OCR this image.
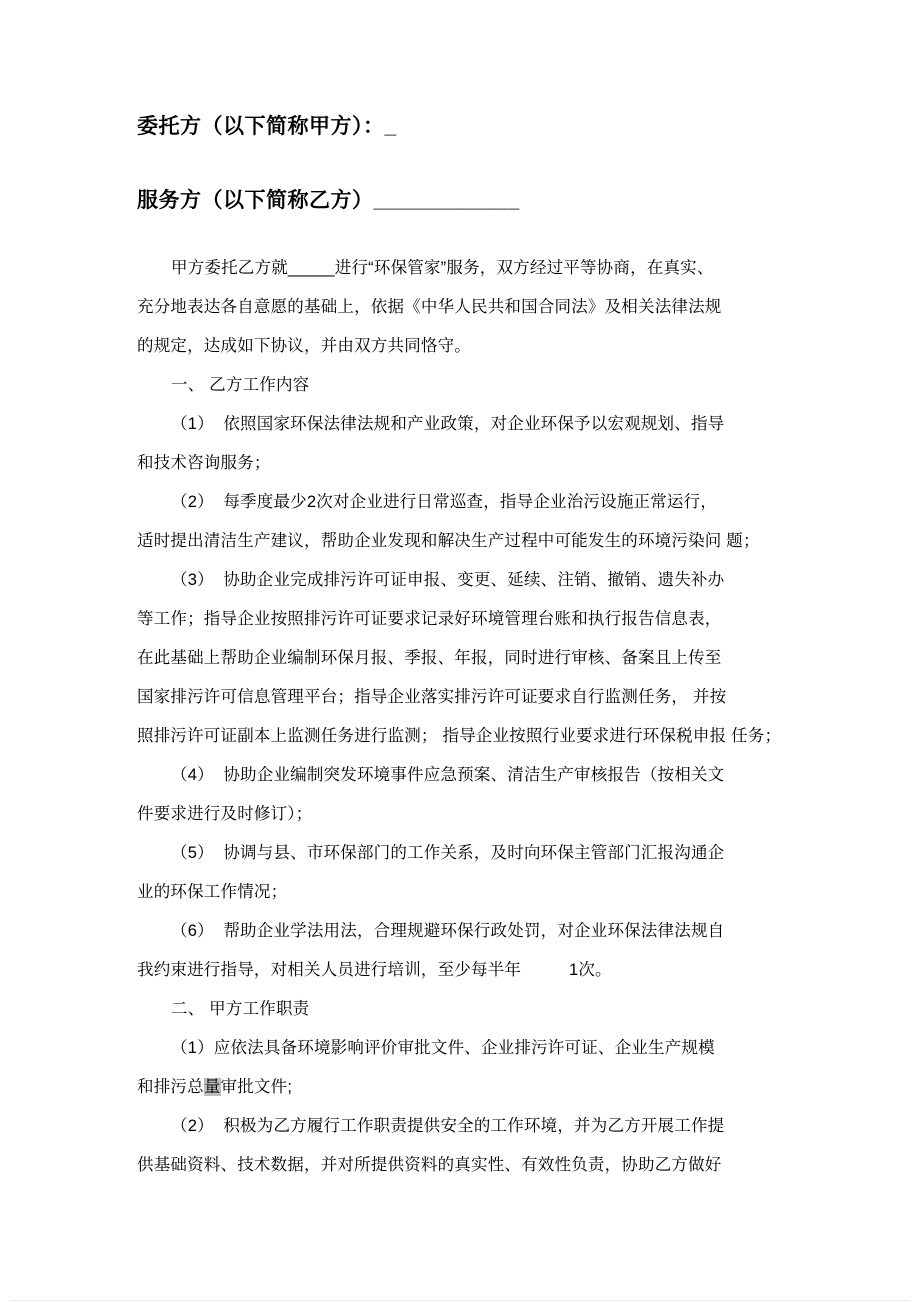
委托方（以下简称甲方）：_
服务方（以下简称乙方）____________
甲方委托乙方就_____进行“环保管家”服务，双方经过平等协商，在真实、
充分地表达各自意愿的基础上，依据《中华人民共和国合同法》及相关法律法规
的规定，达成如下协议，并由双方共同恪守。
一、 乙方工作内容
（1）  依照国家环保法律法规和产业政策，对企业环保予以宏观规划、指导
和技术咨询服务；
（2）  每季度最少2次对企业进行日常巡查，指导企业治污设施正常运行，
适时提出清洁生产建议，帮助企业发现和解决生产过程中可能发生的环境污染问 题；
（3）  协助企业完成排污许可证申报、变更、延续、注销、撤销、遗失补办
等工作；指导企业按照排污许可证要求记录好环境管理台账和执行报告信息表，
在此基础上帮助企业编制环保月报、季报、年报，同时进行审核、备案且上传至
国家排污许可信息管理平台；指导企业落实排污许可证要求自行监测任务， 并按
照排污许可证副本上监测任务进行监测； 指导企业按照行业要求进行环保税申报 任务；
（4）  协助企业编制突发环境事件应急预案、清洁生产审核报告（按相关文
件要求进行及时修订）；
（5）  协调与县、市环保部门的工作关系，及时向环保主管部门汇报沟通企
业的环保工作情况；
（6）  帮助企业学法用法，合理规避环保行政处罚，对企业环保法律法规自
我约束进行指导，对相关人员进行培训，至少每半年          1次。
二、 甲方工作职责
（1）应依法具备环境影响评价审批文件、企业排污许可证、企业生产规模
和排污总量审批文件;
（2）  积极为乙方履行工作职责提供安全的工作环境，并为乙方开展工作提
供基础资料、技术数据，并对所提供资料的真实性、有效性负责，协助乙方做好
